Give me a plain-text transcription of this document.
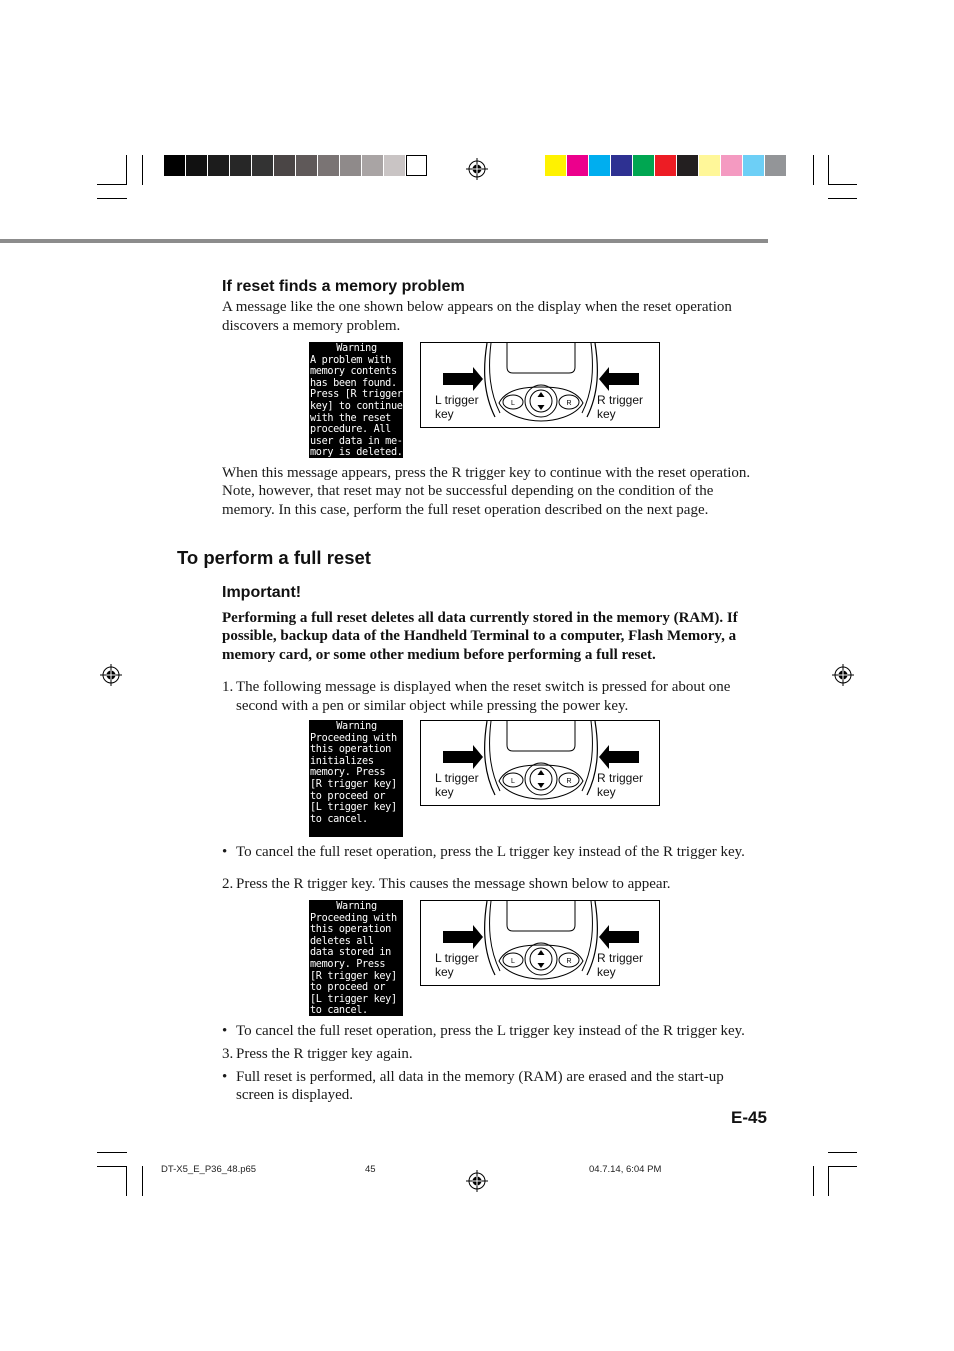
If reset finds a memory problem
A message like the one shown below appears on the display when the reset operation
discovers a memory problem.
Warning
A problem with
memory contents
has been found.
Press [R trigger
key] to continue
with the reset
procedure. All
user data in me-
mory is deleted.
L	R
L trigger
key
R trigger
key
When this message appears, press the R trigger key to continue with the reset operation.
Note, however, that reset may not be successful depending on the condition of the
memory. In this case, perform the full reset operation described on the next page.
To perform a full reset
Important!
Performing a full reset deletes all data currently stored in the memory (RAM). If
possible, backup data of the Handheld Terminal to a computer, Flash Memory, a
memory card, or some other medium before performing a full reset.
1. The following message is displayed when the reset switch is pressed for about one
second with a pen or similar object while pressing the power key.
Warning
Proceeding with
this operation
initializes
memory. Press
[R trigger key]
to proceed or
[L trigger key]
to cancel.
L	R
L trigger
key
R trigger
key
• To cancel the full reset operation, press the L trigger key instead of the R trigger key.
2. Press the R trigger key. This causes the message shown below to appear.
Warning
Proceeding with
this operation
deletes all
data stored in
memory. Press
[R trigger key]
to proceed or
[L trigger key]
to cancel.
L	R
L trigger
key
R trigger
key
• To cancel the full reset operation, press the L trigger key instead of the R trigger key.
3. Press the R trigger key again.
• Full reset is performed, all data in the memory (RAM) are erased and the start-up
screen is displayed.
E-45
DT-X5_E_P36_48.p65	45	04.7.14, 6:04 PM
